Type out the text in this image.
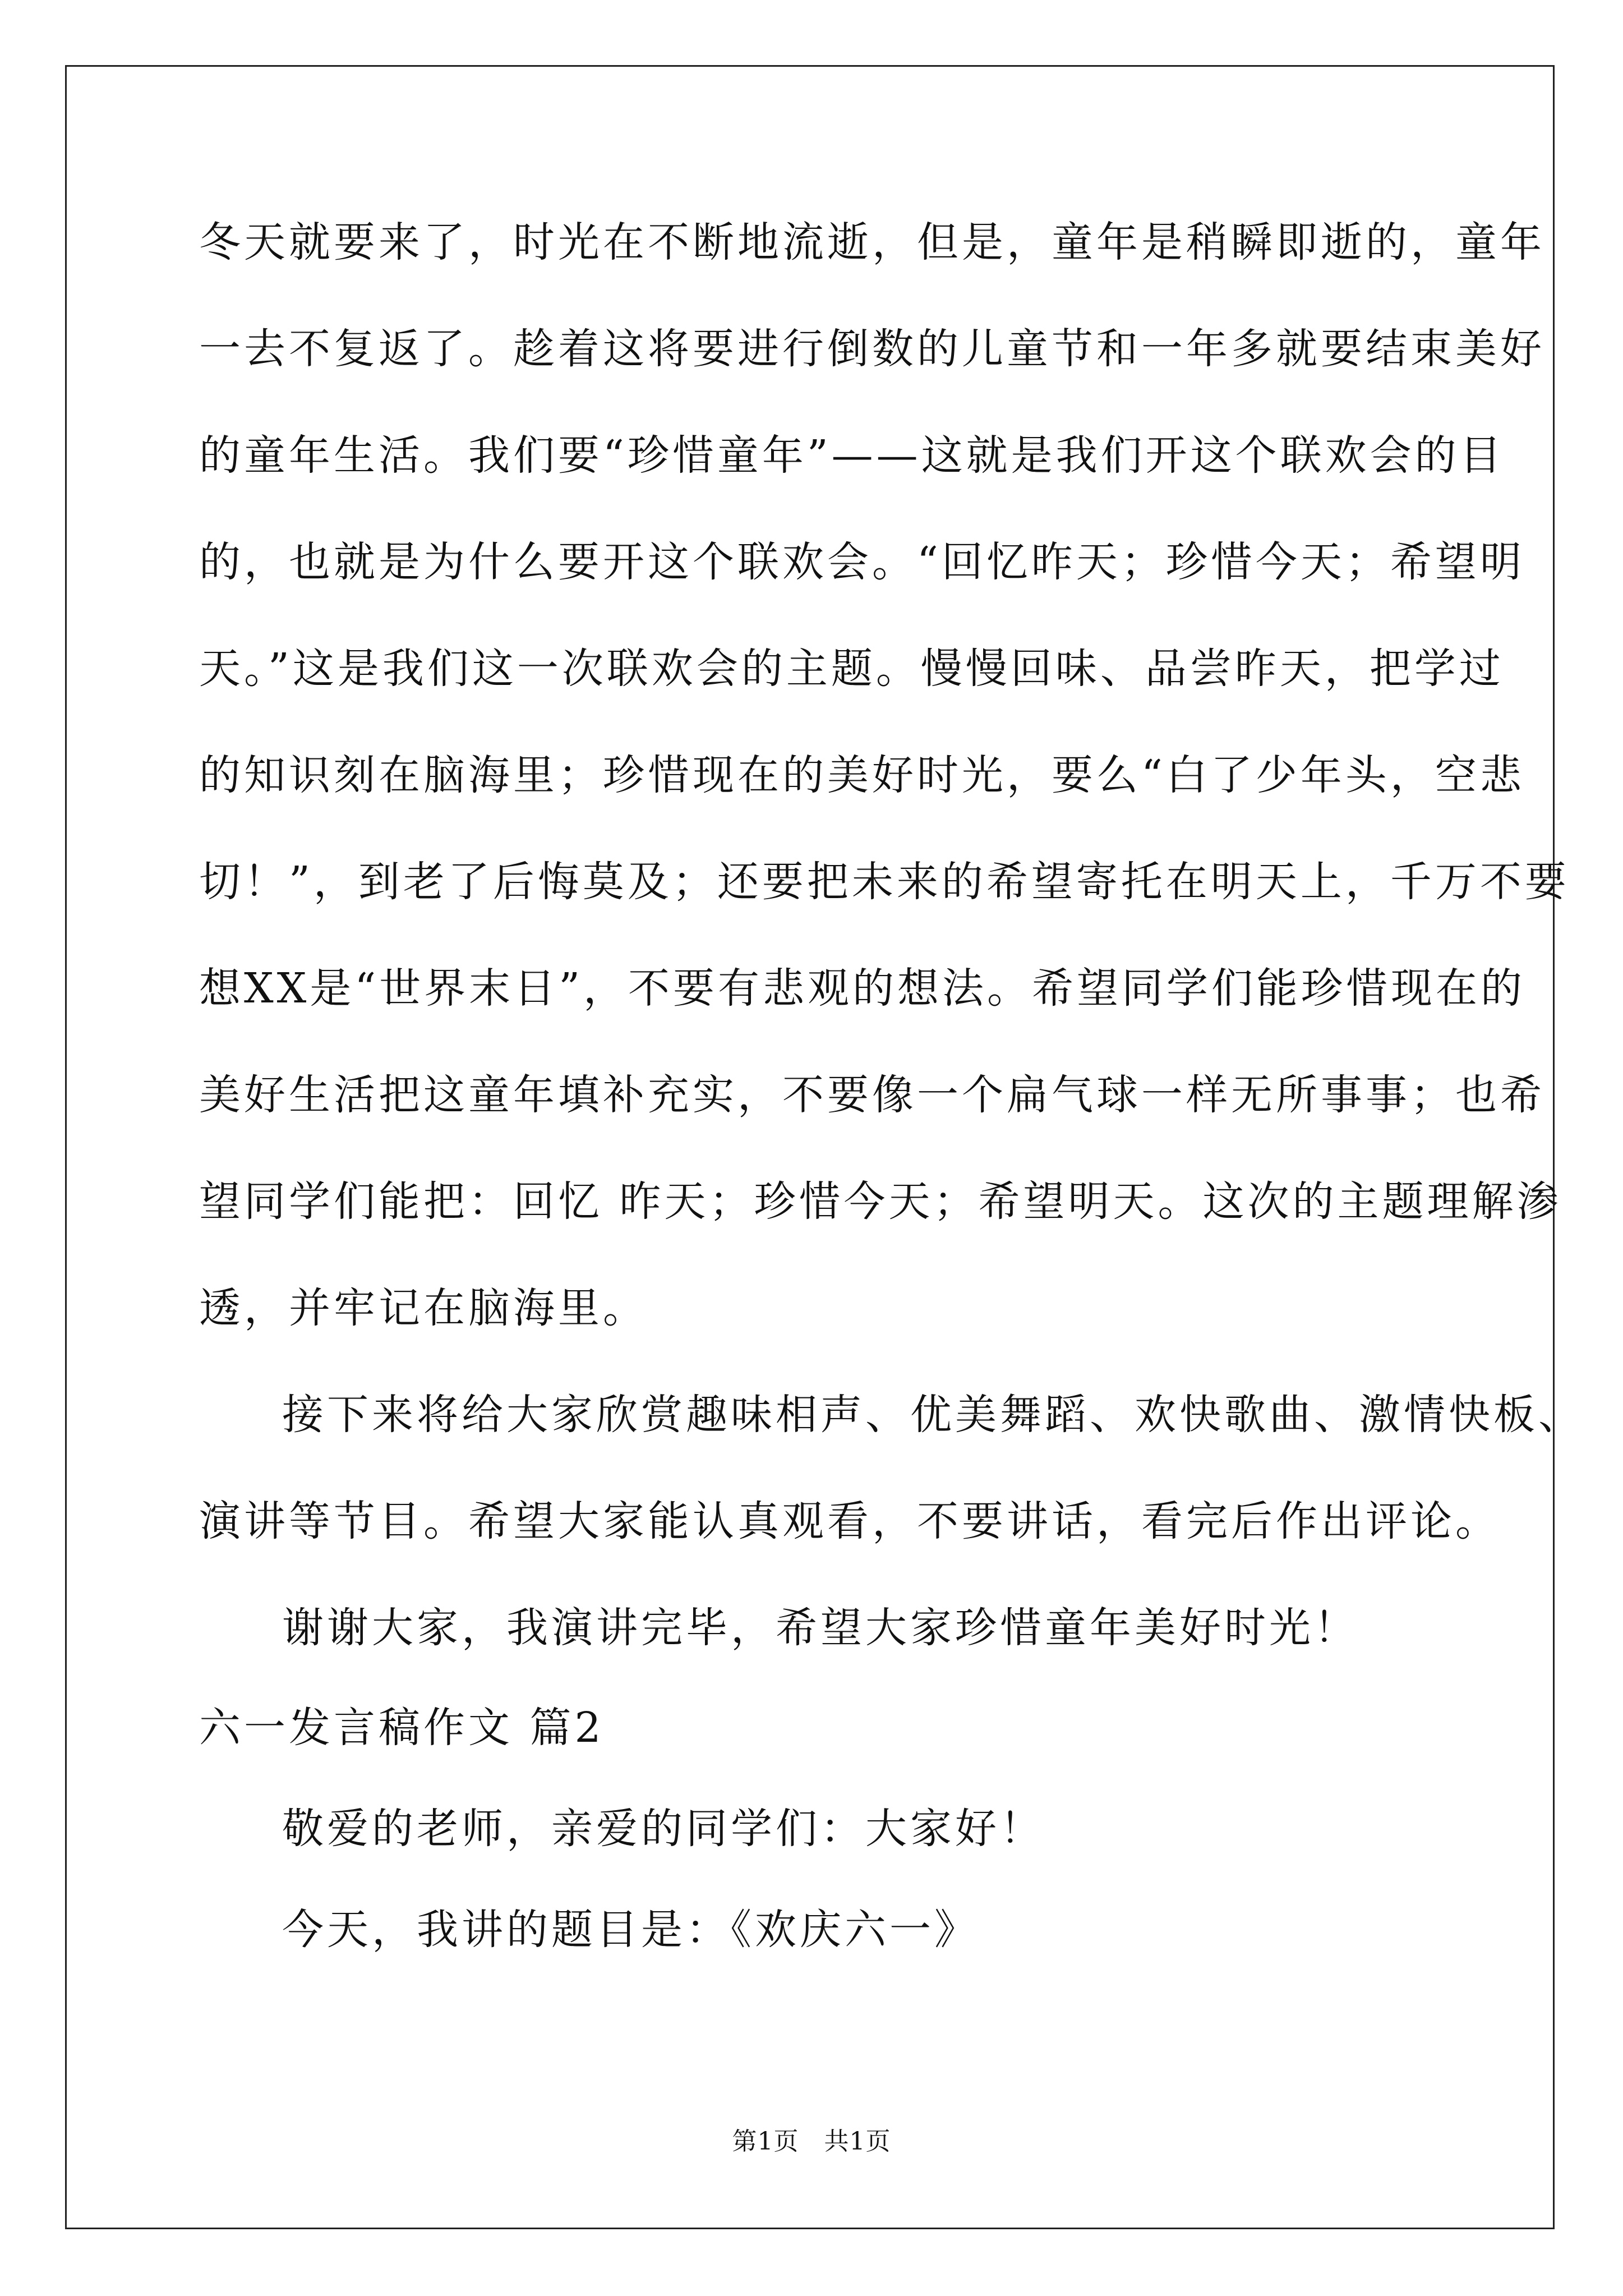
冬天就要来了，时光在不断地流逝，但是，童年是稍瞬即逝的，童年
一去不复返了。趁着这将要进行倒数的儿童节和一年多就要结束美好
的童年生活。我们要“珍惜童年”——这就是我们开这个联欢会的目
的，也就是为什么要开这个联欢会。“回忆昨天；珍惜今天；希望明
天。”这是我们这一次联欢会的主题。慢慢回味、品尝昨天，把学过
的知识刻在脑海里；珍惜现在的美好时光，要么“白了少年头，空悲
切！”，到老了后悔莫及；还要把未来的希望寄托在明天上，千万不要
想XX是“世界末日”，不要有悲观的想法。希望同学们能珍惜现在的
美好生活把这童年填补充实，不要像一个扁气球一样无所事事；也希
望同学们能把：回忆 昨天；珍惜今天；希望明天。这次的主题理解渗
透，并牢记在脑海里。
接下来将给大家欣赏趣味相声、优美舞蹈、欢快歌曲、激情快板、
演讲等节目。希望大家能认真观看，不要讲话，看完后作出评论。
谢谢大家，我演讲完毕，希望大家珍惜童年美好时光！
六一发言稿作文 篇2
敬爱的老师，亲爱的同学们：大家好！
今天，我讲的题目是：《欢庆六一》
第1页　共1页
